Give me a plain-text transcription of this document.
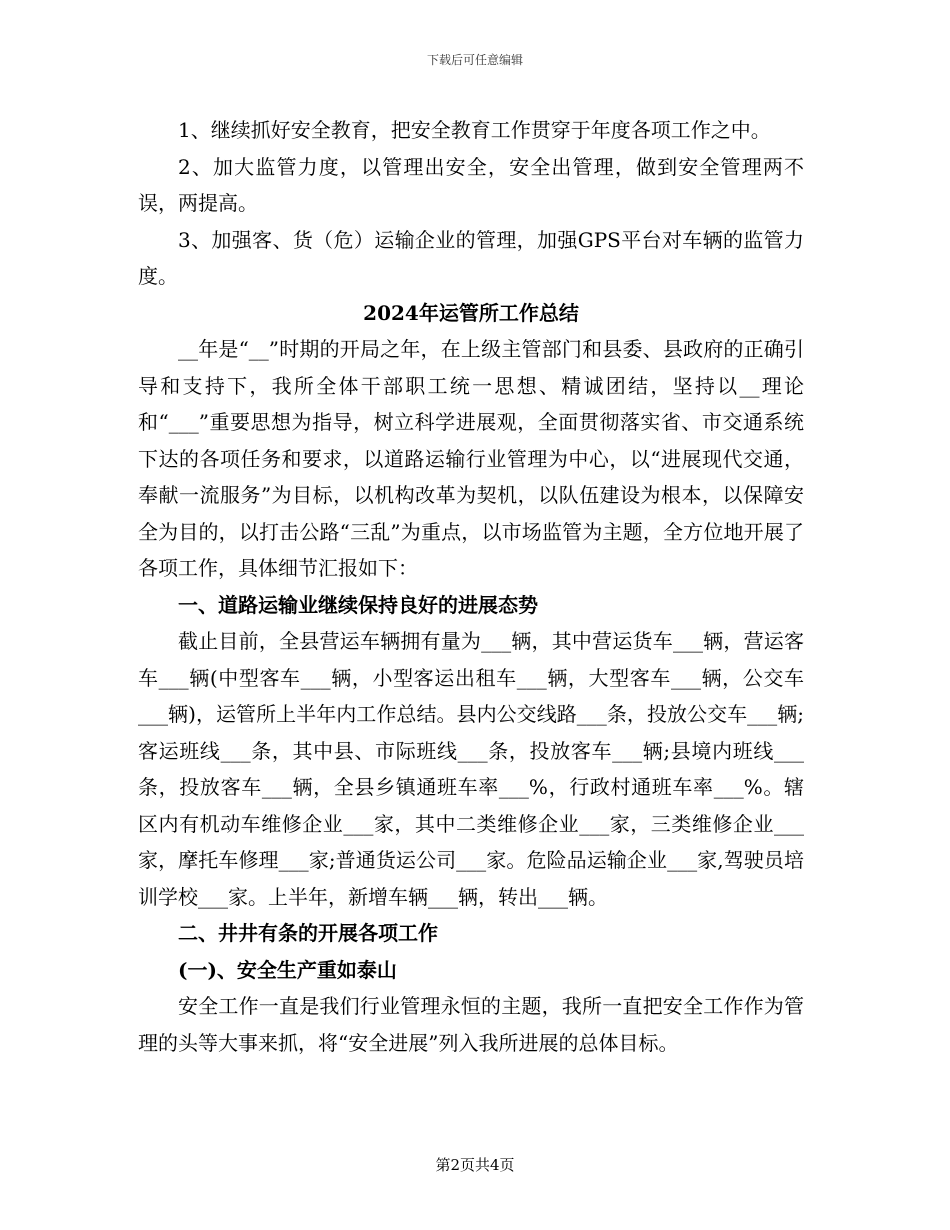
下载后可任意编辑

1、继续抓好安全教育，把安全教育工作贯穿于年度各项工作之中。

2、加大监管力度，以管理出安全，安全出管理，做到安全管理两不误，两提高。

3、加强客、货（危）运输企业的管理，加强GPS平台对车辆的监管力度。

2024年运管所工作总结

__年是“__”时期的开局之年，在上级主管部门和县委、县政府的正确引导和支持下，我所全体干部职工统一思想、精诚团结，坚持以__理论和“___”重要思想为指导，树立科学进展观，全面贯彻落实省、市交通系统下达的各项任务和要求，以道路运输行业管理为中心，以“进展现代交通，奉献一流服务”为目标，以机构改革为契机，以队伍建设为根本，以保障安全为目的，以打击公路“三乱”为重点，以市场监管为主题，全方位地开展了各项工作，具体细节汇报如下：

一、道路运输业继续保持良好的进展态势

截止目前，全县营运车辆拥有量为___辆，其中营运货车___辆，营运客车___辆(中型客车___辆，小型客运出租车___辆，大型客车___辆，公交车___辆)，运管所上半年内工作总结。县内公交线路___条，投放公交车___辆;客运班线___条，其中县、市际班线___条，投放客车___辆;县境内班线___条，投放客车___辆，全县乡镇通班车率___%，行政村通班车率___%。辖区内有机动车维修企业___家，其中二类维修企业___家，三类维修企业___家，摩托车修理___家;普通货运公司___家。危险品运输企业___家,驾驶员培训学校___家。上半年，新增车辆___辆，转出___辆。

二、井井有条的开展各项工作

(一)、安全生产重如泰山

安全工作一直是我们行业管理永恒的主题，我所一直把安全工作作为管理的头等大事来抓，将“安全进展”列入我所进展的总体目标。

第2页共4页
